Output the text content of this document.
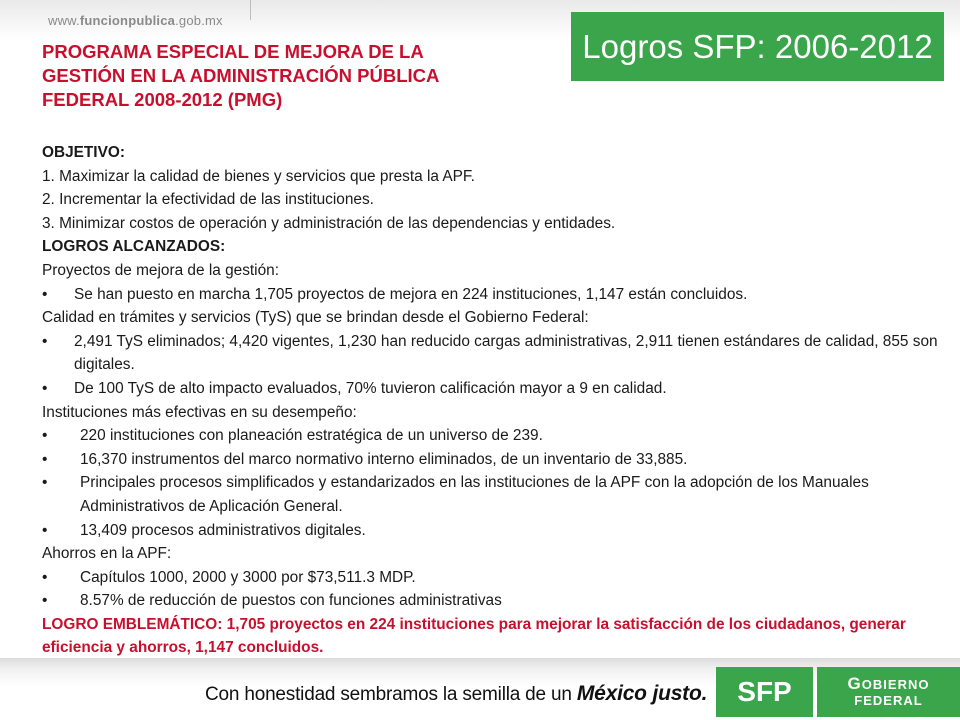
www.funcionpublica.gob.mx
Logros SFP: 2006-2012
PROGRAMA ESPECIAL DE MEJORA DE LA
GESTIÓN EN LA ADMINISTRACIÓN PÚBLICA
FEDERAL 2008-2012 (PMG)

OBJETIVO:

1. Maximizar la calidad de bienes y servicios que presta la APF.

2. Incrementar la efectividad de las instituciones.

3. Minimizar costos de operación y administración de las dependencias y entidades.

LOGROS ALCANZADOS:

Proyectos de mejora de la gestión:

• Se han puesto en marcha 1,705 proyectos de mejora en 224 instituciones, 1,147 están concluidos.

Calidad en trámites y servicios (TyS) que se brindan desde el Gobierno Federal:

• 2,491 TyS eliminados; 4,420 vigentes, 1,230 han reducido cargas administrativas, 2,911 tienen estándares de calidad, 855 son digitales.

• De 100 TyS de alto impacto evaluados, 70% tuvieron calificación mayor a 9 en calidad.

Instituciones más efectivas en su desempeño:

• 220 instituciones con planeación estratégica de un universo de 239.

• 16,370 instrumentos del marco normativo interno eliminados, de un inventario de 33,885.

• Principales procesos simplificados y estandarizados en las instituciones de la APF con la adopción de los Manuales Administrativos de Aplicación General.

• 13,409 procesos administrativos digitales.

Ahorros en la APF:

• Capítulos 1000, 2000 y 3000 por $73,511.3 MDP.

• 8.57% de reducción de puestos con funciones administrativas

LOGRO EMBLEMÁTICO: 1,705 proyectos en 224 instituciones para mejorar la satisfacción de los ciudadanos, generar eficiencia y ahorros, 1,147 concluidos.

Con honestidad sembramos la semilla de un México justo.	SFP	GOBIERNO
FEDERAL
